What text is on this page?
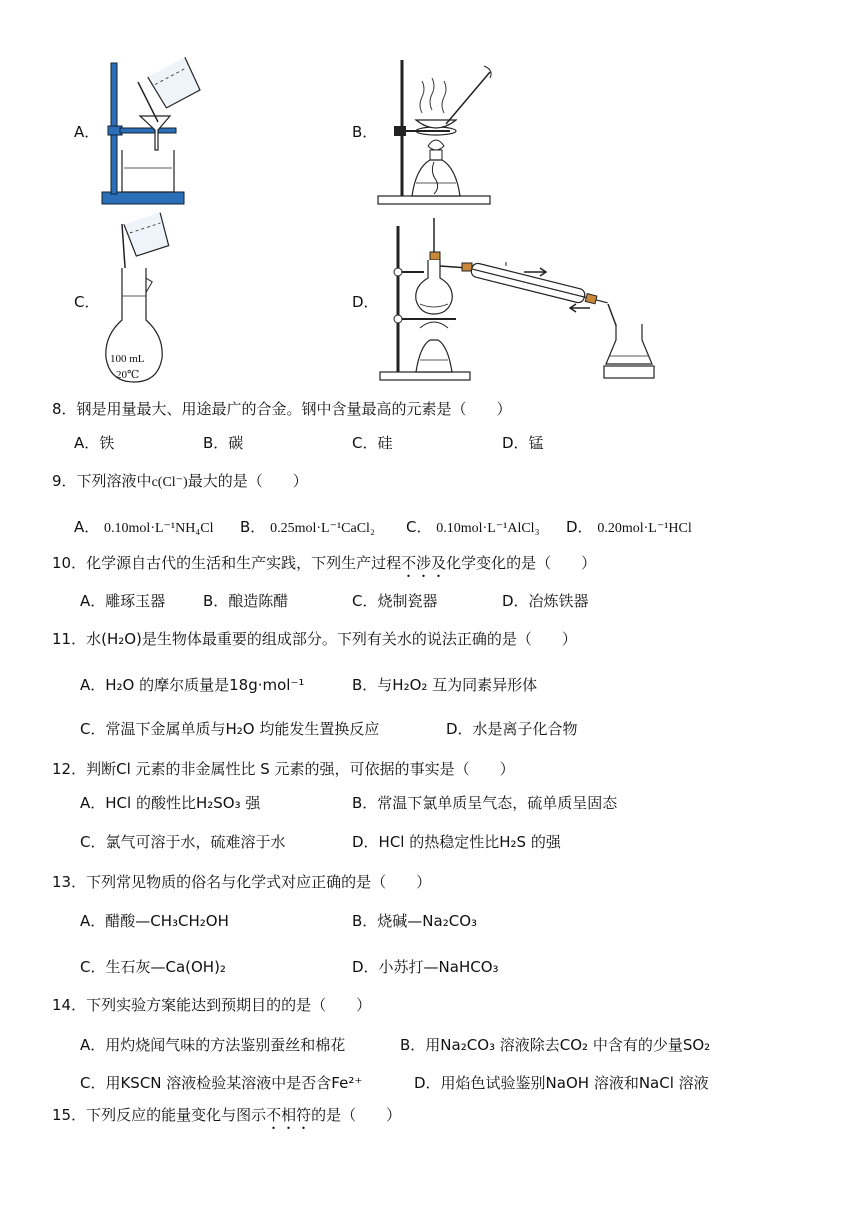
A．	B．
C．
100 mL
20℃
D．
8．钢是用量最大、用途最广的合金。钢中含量最高的元素是（　　）
A．铁	B．碳	C．硅	D．锰
9．下列溶液中c(Cl⁻)最大的是（　　）
A． 0.10mol·L⁻¹NH₄Cl B． 0.25mol·L⁻¹CaCl₂ C． 0.10mol·L⁻¹AlCl₃ D． 0.20mol·L⁻¹HCl
10．化学源自古代的生活和生产实践，下列生产过程不涉及化学变化的是（　　）
A．雕琢玉器	B．酿造陈醋	C．烧制瓷器	D．冶炼铁器
11．水(H₂O)是生物体最重要的组成部分。下列有关水的说法正确的是（　　）
A．H₂O 的摩尔质量是18g·mol⁻¹	B．与H₂O₂ 互为同素异形体
C．常温下金属单质与H₂O 均能发生置换反应	D．水是离子化合物
12．判断Cl 元素的非金属性比 S 元素的强，可依据的事实是（　　）
A．HCl 的酸性比H₂SO₃ 强	B．常温下氯单质呈气态，硫单质呈固态
C．氯气可溶于水，硫难溶于水	D．HCl 的热稳定性比H₂S 的强
13．下列常见物质的俗名与化学式对应正确的是（　　）
A．醋酸—CH₃CH₂OH	B．烧碱—Na₂CO₃
C．生石灰—Ca(OH)₂	D．小苏打—NaHCO₃
14．下列实验方案能达到预期目的的是（　　）
A．用灼烧闻气味的方法鉴别蚕丝和棉花	B．用Na₂CO₃ 溶液除去CO₂ 中含有的少量SO₂
C．用KSCN 溶液检验某溶液中是否含Fe²⁺	D．用焰色试验鉴别NaOH 溶液和NaCl 溶液
15．下列反应的能量变化与图示不相符的是（　　）
